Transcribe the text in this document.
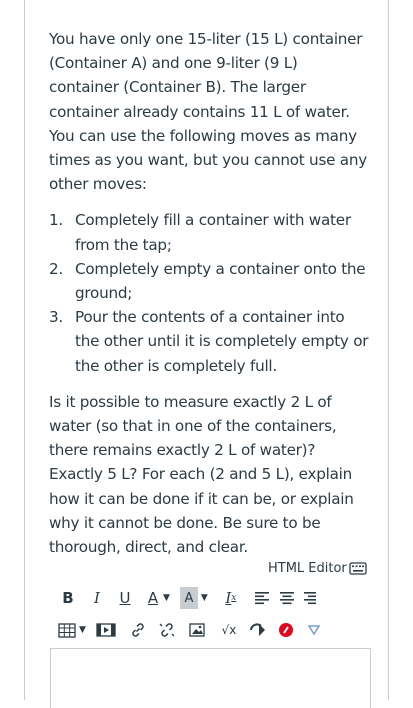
You have only one 15-liter (15 L) container (Container A) and one 9-liter (9 L) container (Container B). The larger container already contains 11 L of water. You can use the following moves as many times as you want, but you cannot use any other moves:

1. Completely fill a container with water from the tap;
2. Completely empty a container onto the ground;
3. Pour the contents of a container into the other until it is completely empty or the other is completely full.

Is it possible to measure exactly 2 L of water (so that in one of the containers, there remains exactly 2 L of water)? Exactly 5 L? For each (2 and 5 L), explain how it can be done if it can be, or explain why it cannot be done. Be sure to be thorough, direct, and clear.

HTML Editor
B I U A ▼	A ▼ I x
▼	√x
